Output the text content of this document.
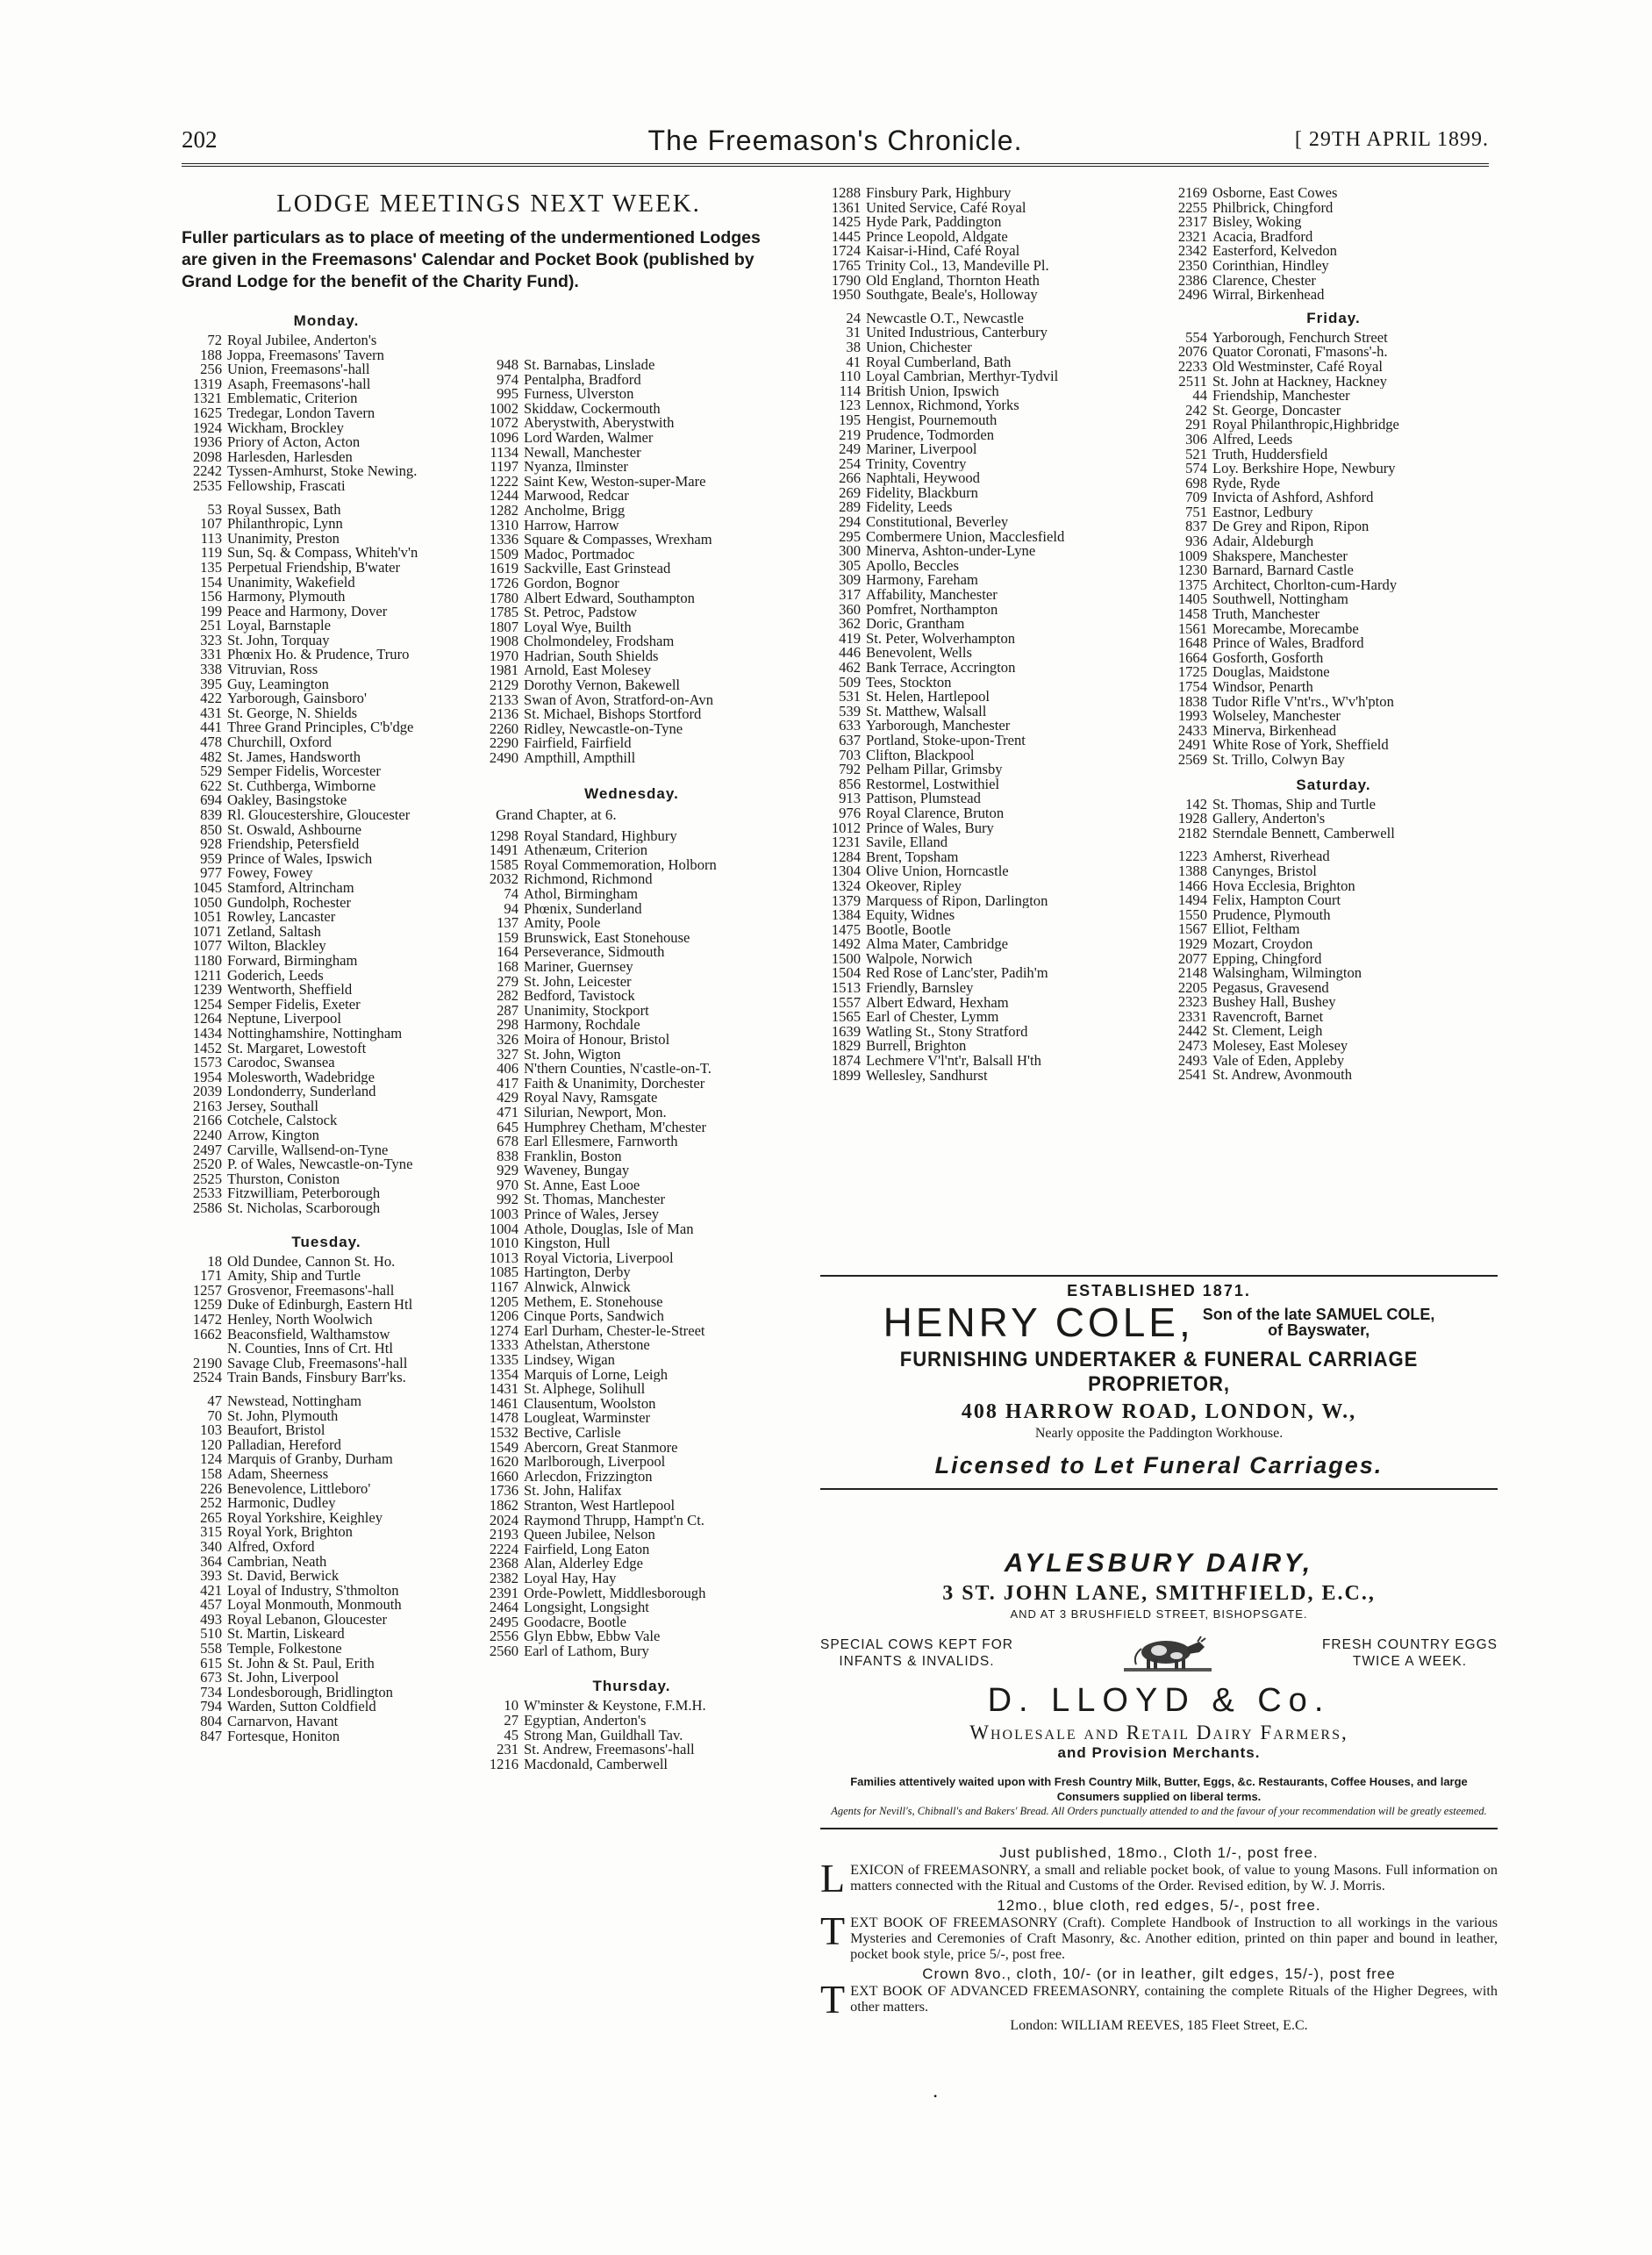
202	The Freemason's Chronicle.	[ 29TH APRIL 1899.
LODGE MEETINGS NEXT WEEK.
Fuller particulars as to place of meeting of the undermentioned Lodges are given in the Freemasons' Calendar and Pocket Book (published by Grand Lodge for the benefit of the Charity Fund).
Monday.
72 Royal Jubilee, Anderton's
188 Joppa, Freemasons' Tavern
256 Union, Freemasons'-hall
1319 Asaph, Freemasons'-hall
1321 Emblematic, Criterion
1625 Tredegar, London Tavern
1924 Wickham, Brockley
1936 Priory of Acton, Acton
2098 Harlesden, Harlesden
2242 Tyssen-Amhurst, Stoke Newing.
2535 Fellowship, Frascati
53 Royal Sussex, Bath
107 Philanthropic, Lynn
113 Unanimity, Preston
119 Sun, Sq. & Compass, Whiteh'v'n
135 Perpetual Friendship, B'water
154 Unanimity, Wakefield
156 Harmony, Plymouth
199 Peace and Harmony, Dover
251 Loyal, Barnstaple
323 St. John, Torquay
331 Phœnix Ho. & Prudence, Truro
338 Vitruvian, Ross
395 Guy, Leamington
422 Yarborough, Gainsboro'
431 St. George, N. Shields
441 Three Grand Principles, C'b'dge
478 Churchill, Oxford
482 St. James, Handsworth
529 Semper Fidelis, Worcester
622 St. Cuthberga, Wimborne
694 Oakley, Basingstoke
839 Rl. Gloucestershire, Gloucester
850 St. Oswald, Ashbourne
928 Friendship, Petersfield
959 Prince of Wales, Ipswich
977 Fowey, Fowey
1045 Stamford, Altrincham
1050 Gundolph, Rochester
1051 Rowley, Lancaster
1071 Zetland, Saltash
1077 Wilton, Blackley
1180 Forward, Birmingham
1211 Goderich, Leeds
1239 Wentworth, Sheffield
1254 Semper Fidelis, Exeter
1264 Neptune, Liverpool
1434 Nottinghamshire, Nottingham
1452 St. Margaret, Lowestoft
1573 Carodoc, Swansea
1954 Molesworth, Wadebridge
2039 Londonderry, Sunderland
2163 Jersey, Southall
2166 Cotchele, Calstock
2240 Arrow, Kington
2497 Carville, Wallsend-on-Tyne
2520 P. of Wales, Newcastle-on-Tyne
2525 Thurston, Coniston
2533 Fitzwilliam, Peterborough
2586 St. Nicholas, Scarborough
Tuesday.
18 Old Dundee, Cannon St. Ho.
171 Amity, Ship and Turtle
1257 Grosvenor, Freemasons'-hall
1259 Duke of Edinburgh, Eastern Htl
1472 Henley, North Woolwich
1662 Beaconsfield, Walthamstow
N. Counties, Inns of Crt. Htl
2190 Savage Club, Freemasons'-hall
2524 Train Bands, Finsbury Barr'ks.
47 Newstead, Nottingham
70 St. John, Plymouth
103 Beaufort, Bristol
120 Palladian, Hereford
124 Marquis of Granby, Durham
158 Adam, Sheerness
226 Benevolence, Littleboro'
252 Harmonic, Dudley
265 Royal Yorkshire, Keighley
315 Royal York, Brighton
340 Alfred, Oxford
364 Cambrian, Neath
393 St. David, Berwick
421 Loyal of Industry, S'thmolton
457 Loyal Monmouth, Monmouth
493 Royal Lebanon, Gloucester
510 St. Martin, Liskeard
558 Temple, Folkestone
615 St. John & St. Paul, Erith
673 St. John, Liverpool
734 Londesborough, Bridlington
794 Warden, Sutton Coldfield
804 Carnarvon, Havant
847 Fortesque, Honiton
948 St. Barnabas, Linslade
974 Pentalpha, Bradford
995 Furness, Ulverston
1002 Skiddaw, Cockermouth
1072 Aberystwith, Aberystwith
1096 Lord Warden, Walmer
1134 Newall, Manchester
1197 Nyanza, Ilminster
1222 Saint Kew, Weston-super-Mare
1244 Marwood, Redcar
1282 Ancholme, Brigg
1310 Harrow, Harrow
1336 Square & Compasses, Wrexham
1509 Madoc, Portmadoc
1619 Sackville, East Grinstead
1726 Gordon, Bognor
1780 Albert Edward, Southampton
1785 St. Petroc, Padstow
1807 Loyal Wye, Builth
1908 Cholmondeley, Frodsham
1970 Hadrian, South Shields
1981 Arnold, East Molesey
2129 Dorothy Vernon, Bakewell
2133 Swan of Avon, Stratford-on-Avn
2136 St. Michael, Bishops Stortford
2260 Ridley, Newcastle-on-Tyne
2290 Fairfield, Fairfield
2490 Ampthill, Ampthill
Wednesday.
Grand Chapter, at 6.
1298 Royal Standard, Highbury
1491 Athenæum, Criterion
1585 Royal Commemoration, Holborn
2032 Richmond, Richmond
74 Athol, Birmingham
94 Phœnix, Sunderland
137 Amity, Poole
159 Brunswick, East Stonehouse
164 Perseverance, Sidmouth
168 Mariner, Guernsey
279 St. John, Leicester
282 Bedford, Tavistock
287 Unanimity, Stockport
298 Harmony, Rochdale
326 Moira of Honour, Bristol
327 St. John, Wigton
406 N'thern Counties, N'castle-on-T.
417 Faith & Unanimity, Dorchester
429 Royal Navy, Ramsgate
471 Silurian, Newport, Mon.
645 Humphrey Chetham, M'chester
678 Earl Ellesmere, Farnworth
838 Franklin, Boston
929 Waveney, Bungay
970 St. Anne, East Looe
992 St. Thomas, Manchester
1003 Prince of Wales, Jersey
1004 Athole, Douglas, Isle of Man
1010 Kingston, Hull
1013 Royal Victoria, Liverpool
1085 Hartington, Derby
1167 Alnwick, Alnwick
1205 Methem, E. Stonehouse
1206 Cinque Ports, Sandwich
1274 Earl Durham, Chester-le-Street
1333 Athelstan, Atherstone
1335 Lindsey, Wigan
1354 Marquis of Lorne, Leigh
1431 St. Alphege, Solihull
1461 Clausentum, Woolston
1478 Lougleat, Warminster
1532 Bective, Carlisle
1549 Abercorn, Great Stanmore
1620 Marlborough, Liverpool
1660 Arlecdon, Frizzington
1736 St. John, Halifax
1862 Stranton, West Hartlepool
2024 Raymond Thrupp, Hampt'n Ct.
2193 Queen Jubilee, Nelson
2224 Fairfield, Long Eaton
2368 Alan, Alderley Edge
2382 Loyal Hay, Hay
2391 Orde-Powlett, Middlesborough
2464 Longsight, Longsight
2495 Goodacre, Bootle
2556 Glyn Ebbw, Ebbw Vale
2560 Earl of Lathom, Bury
Thursday.
10 W'minster & Keystone, F.M.H.
27 Egyptian, Anderton's
45 Strong Man, Guildhall Tav.
231 St. Andrew, Freemasons'-hall
1216 Macdonald, Camberwell
1288 Finsbury Park, Highbury
1361 United Service, Café Royal
1425 Hyde Park, Paddington
1445 Prince Leopold, Aldgate
1724 Kaisar-i-Hind, Café Royal
1765 Trinity Col., 13, Mandeville Pl.
1790 Old England, Thornton Heath
1950 Southgate, Beale's, Holloway
24 Newcastle O.T., Newcastle
31 United Industrious, Canterbury
38 Union, Chichester
41 Royal Cumberland, Bath
110 Loyal Cambrian, Merthyr-Tydvil
114 British Union, Ipswich
123 Lennox, Richmond, Yorks
195 Hengist, Pournemouth
219 Prudence, Todmorden
249 Mariner, Liverpool
254 Trinity, Coventry
266 Naphtali, Heywood
269 Fidelity, Blackburn
289 Fidelity, Leeds
294 Constitutional, Beverley
295 Combermere Union, Macclesfield
300 Minerva, Ashton-under-Lyne
305 Apollo, Beccles
309 Harmony, Fareham
317 Affability, Manchester
360 Pomfret, Northampton
362 Doric, Grantham
419 St. Peter, Wolverhampton
446 Benevolent, Wells
462 Bank Terrace, Accrington
509 Tees, Stockton
531 St. Helen, Hartlepool
539 St. Matthew, Walsall
633 Yarborough, Manchester
637 Portland, Stoke-upon-Trent
703 Clifton, Blackpool
792 Pelham Pillar, Grimsby
856 Restormel, Lostwithiel
913 Pattison, Plumstead
976 Royal Clarence, Bruton
1012 Prince of Wales, Bury
1231 Savile, Elland
1284 Brent, Topsham
1304 Olive Union, Horncastle
1324 Okeover, Ripley
1379 Marquess of Ripon, Darlington
1384 Equity, Widnes
1475 Bootle, Bootle
1492 Alma Mater, Cambridge
1500 Walpole, Norwich
1504 Red Rose of Lanc'ster, Padih'm
1513 Friendly, Barnsley
1557 Albert Edward, Hexham
1565 Earl of Chester, Lymm
1639 Watling St., Stony Stratford
1829 Burrell, Brighton
1874 Lechmere V'l'nt'r, Balsall H'th
1899 Wellesley, Sandhurst
2169 Osborne, East Cowes
2255 Philbrick, Chingford
2317 Bisley, Woking
2321 Acacia, Bradford
2342 Easterford, Kelvedon
2350 Corinthian, Hindley
2386 Clarence, Chester
2496 Wirral, Birkenhead
Friday.
554 Yarborough, Fenchurch Street
2076 Quator Coronati, F'masons'-h.
2233 Old Westminster, Café Royal
2511 St. John at Hackney, Hackney
44 Friendship, Manchester
242 St. George, Doncaster
291 Royal Philanthropic,Highbridge
306 Alfred, Leeds
521 Truth, Huddersfield
574 Loy. Berkshire Hope, Newbury
698 Ryde, Ryde
709 Invicta of Ashford, Ashford
751 Eastnor, Ledbury
837 De Grey and Ripon, Ripon
936 Adair, Aldeburgh
1009 Shakspere, Manchester
1230 Barnard, Barnard Castle
1375 Architect, Chorlton-cum-Hardy
1405 Southwell, Nottingham
1458 Truth, Manchester
1561 Morecambe, Morecambe
1648 Prince of Wales, Bradford
1664 Gosforth, Gosforth
1725 Douglas, Maidstone
1754 Windsor, Penarth
1838 Tudor Rifle V'nt'rs., W'v'h'pton
1993 Wolseley, Manchester
2433 Minerva, Birkenhead
2491 White Rose of York, Sheffield
2569 St. Trillo, Colwyn Bay
Saturday.
142 St. Thomas, Ship and Turtle
1928 Gallery, Anderton's
2182 Sterndale Bennett, Camberwell
1223 Amherst, Riverhead
1388 Canynges, Bristol
1466 Hova Ecclesia, Brighton
1494 Felix, Hampton Court
1550 Prudence, Plymouth
1567 Elliot, Feltham
1929 Mozart, Croydon
2077 Epping, Chingford
2148 Walsingham, Wilmington
2205 Pegasus, Gravesend
2323 Bushey Hall, Bushey
2331 Ravencroft, Barnet
2442 St. Clement, Leigh
2473 Molesey, East Molesey
2493 Vale of Eden, Appleby
2541 St. Andrew, Avonmouth
ESTABLISHED 1871.
HENRY COLE, Son of the late SAMUEL COLE,
of Bayswater,
FURNISHING UNDERTAKER & FUNERAL CARRIAGE PROPRIETOR,
408 HARROW ROAD, LONDON, W.,
Nearly opposite the Paddington Workhouse.
Licensed to Let Funeral Carriages.
AYLESBURY DAIRY,
3 ST. JOHN LANE, SMITHFIELD, E.C.,
AND AT 3 BRUSHFIELD STREET, BISHOPSGATE.
SPECIAL COWS KEPT FOR
INFANTS & INVALIDS.
FRESH COUNTRY EGGS
TWICE A WEEK.
D. LLOYD & Co.
Wholesale and Retail Dairy Farmers,
and Provision Merchants.
Families attentively waited upon with Fresh Country Milk, Butter, Eggs, &c. Restaurants, Coffee Houses, and large Consumers supplied on liberal terms.
Agents for Nevill's, Chibnall's and Bakers' Bread. All Orders punctually attended to and the favour of your recommendation will be greatly esteemed.
Just published, 18mo., Cloth 1/-, post free.
LEXICON of FREEMASONRY, a small and reliable pocket book, of value to young Masons. Full information on matters connected with the Ritual and Customs of the Order. Revised edition, by W. J. Morris.
12mo., blue cloth, red edges, 5/-, post free.
TEXT BOOK OF FREEMASONRY (Craft). Complete Handbook of Instruction to all workings in the various Mysteries and Ceremonies of Craft Masonry, &c. Another edition, printed on thin paper and bound in leather, pocket book style, price 5/-, post free.
Crown 8vo., cloth, 10/- (or in leather, gilt edges, 15/-), post free
TEXT BOOK OF ADVANCED FREEMASONRY, containing the complete Rituals of the Higher Degrees, with other matters.
London: WILLIAM REEVES, 185 Fleet Street, E.C.
•
